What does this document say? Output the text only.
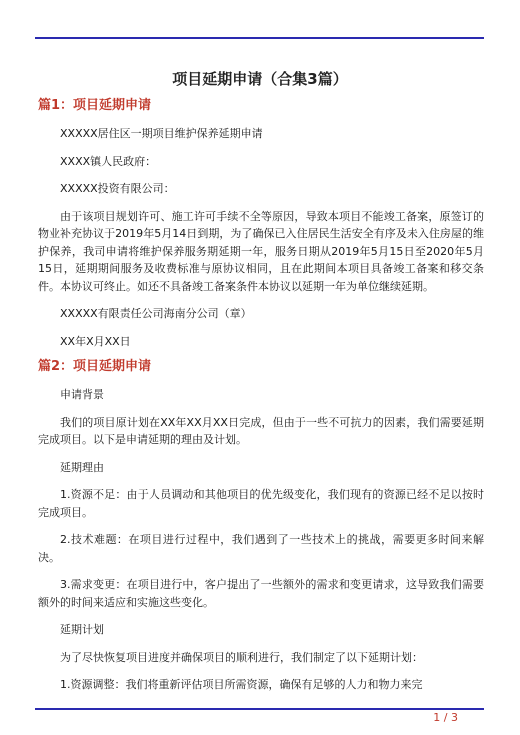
项目延期申请（合集3篇）
篇1：项目延期申请

XXXXX居住区一期项目维护保养延期申请

XXXX镇人民政府：

XXXXX投资有限公司：

由于该项目规划许可、施工许可手续不全等原因，导致本项目不能竣工备案，原签订的物业补充协议于2019年5月14日到期，为了确保已入住居民生活安全有序及未入住房屋的维护保养，我司申请将维护保养服务期延期一年，服务日期从2019年5月15日至2020年5月15日，延期期间服务及收费标准与原协议相同，且在此期间本项目具备竣工备案和移交条件。本协议可终止。如还不具备竣工备案条件本协议以延期一年为单位继续延期。

XXXXX有限责任公司海南分公司（章）

XX年X月XX日

篇2：项目延期申请

申请背景

我们的项目原计划在XX年XX月XX日完成，但由于一些不可抗力的因素，我们需要延期完成项目。以下是申请延期的理由及计划。

延期理由

1.资源不足：由于人员调动和其他项目的优先级变化，我们现有的资源已经不足以按时完成项目。

2.技术难题：在项目进行过程中，我们遇到了一些技术上的挑战，需要更多时间来解决。

3.需求变更：在项目进行中，客户提出了一些额外的需求和变更请求，这导致我们需要额外的时间来适应和实施这些变化。

延期计划

为了尽快恢复项目进度并确保项目的顺利进行，我们制定了以下延期计划：

1.资源调整：我们将重新评估项目所需资源，确保有足够的人力和物力来完

1 / 3
